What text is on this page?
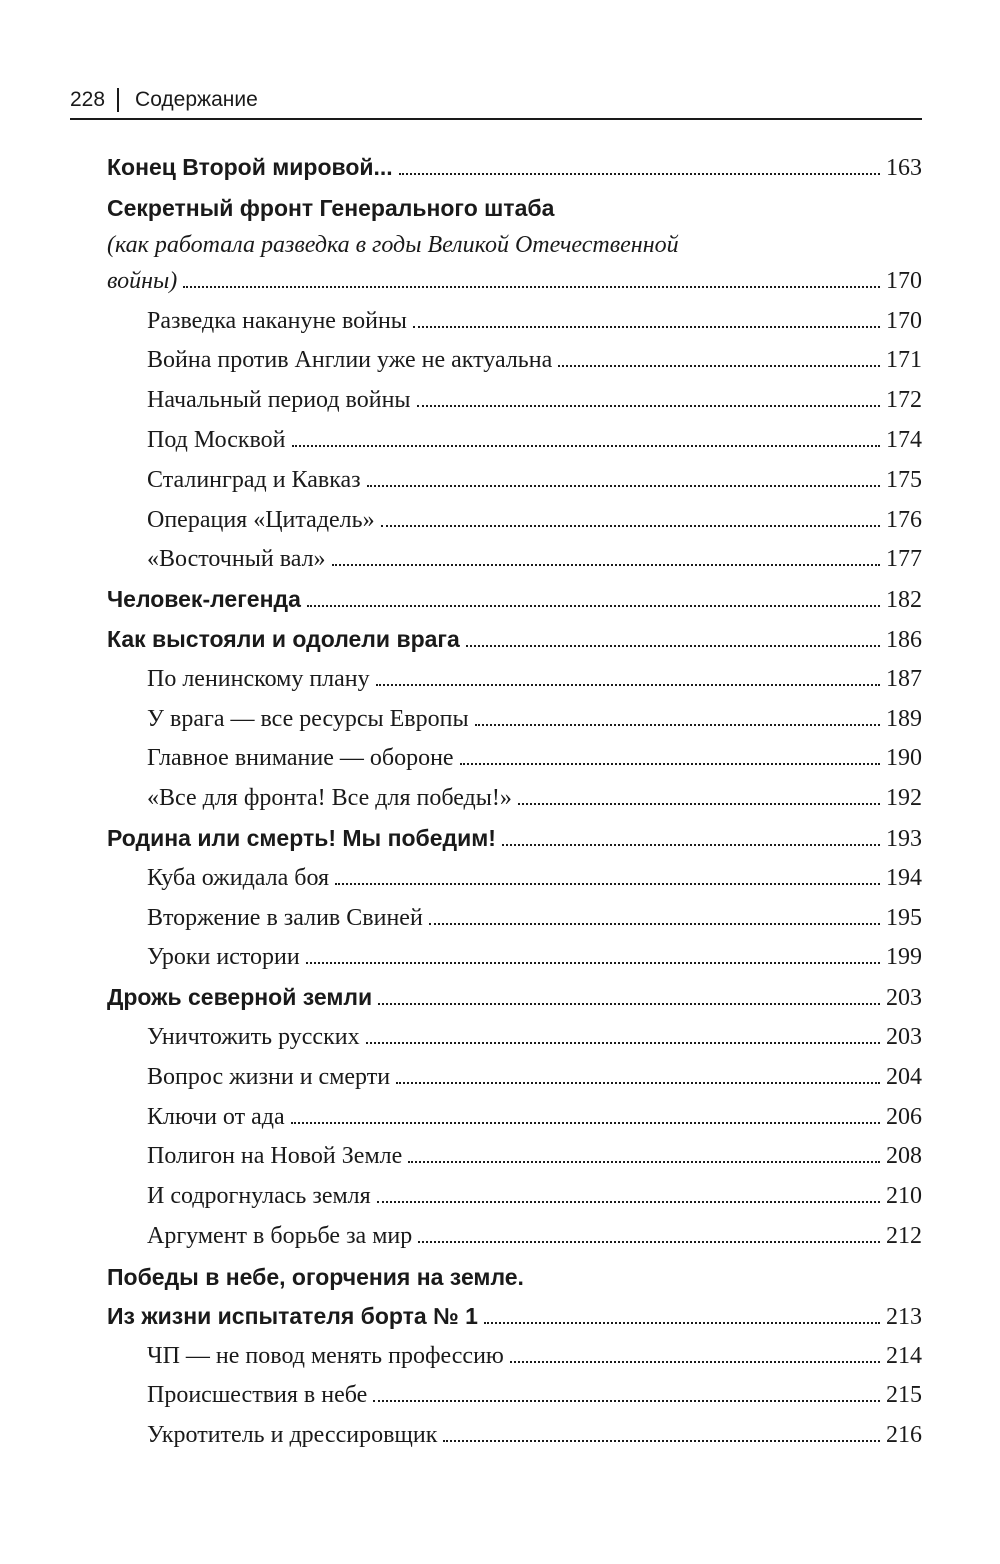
228	Содержание
Конец Второй мировой...	163
Секретный фронт Генерального штаба
(как работала разведка в годы Великой Отечественной
войны)	170
Разведка накануне войны	170
Война против Англии уже не актуальна	171
Начальный период войны	172
Под Москвой	174
Сталинград и Кавказ	175
Операция «Цитадель»	176
«Восточный вал»	177
Человек-легенда	182
Как выстояли и одолели врага	186
По ленинскому плану	187
У врага — все ресурсы Европы	189
Главное внимание — обороне	190
«Все для фронта! Все для победы!»	192
Родина или смерть! Мы победим!	193
Куба ожидала боя	194
Вторжение в залив Свиней	195
Уроки истории	199
Дрожь северной земли	203
Уничтожить русских	203
Вопрос жизни и смерти	204
Ключи от ада	206
Полигон на Новой Земле	208
И содрогнулась земля	210
Аргумент в борьбе за мир	212
Победы в небе, огорчения на земле.
Из жизни испытателя борта № 1	213
ЧП — не повод менять профессию	214
Происшествия в небе	215
Укротитель и дрессировщик	216
